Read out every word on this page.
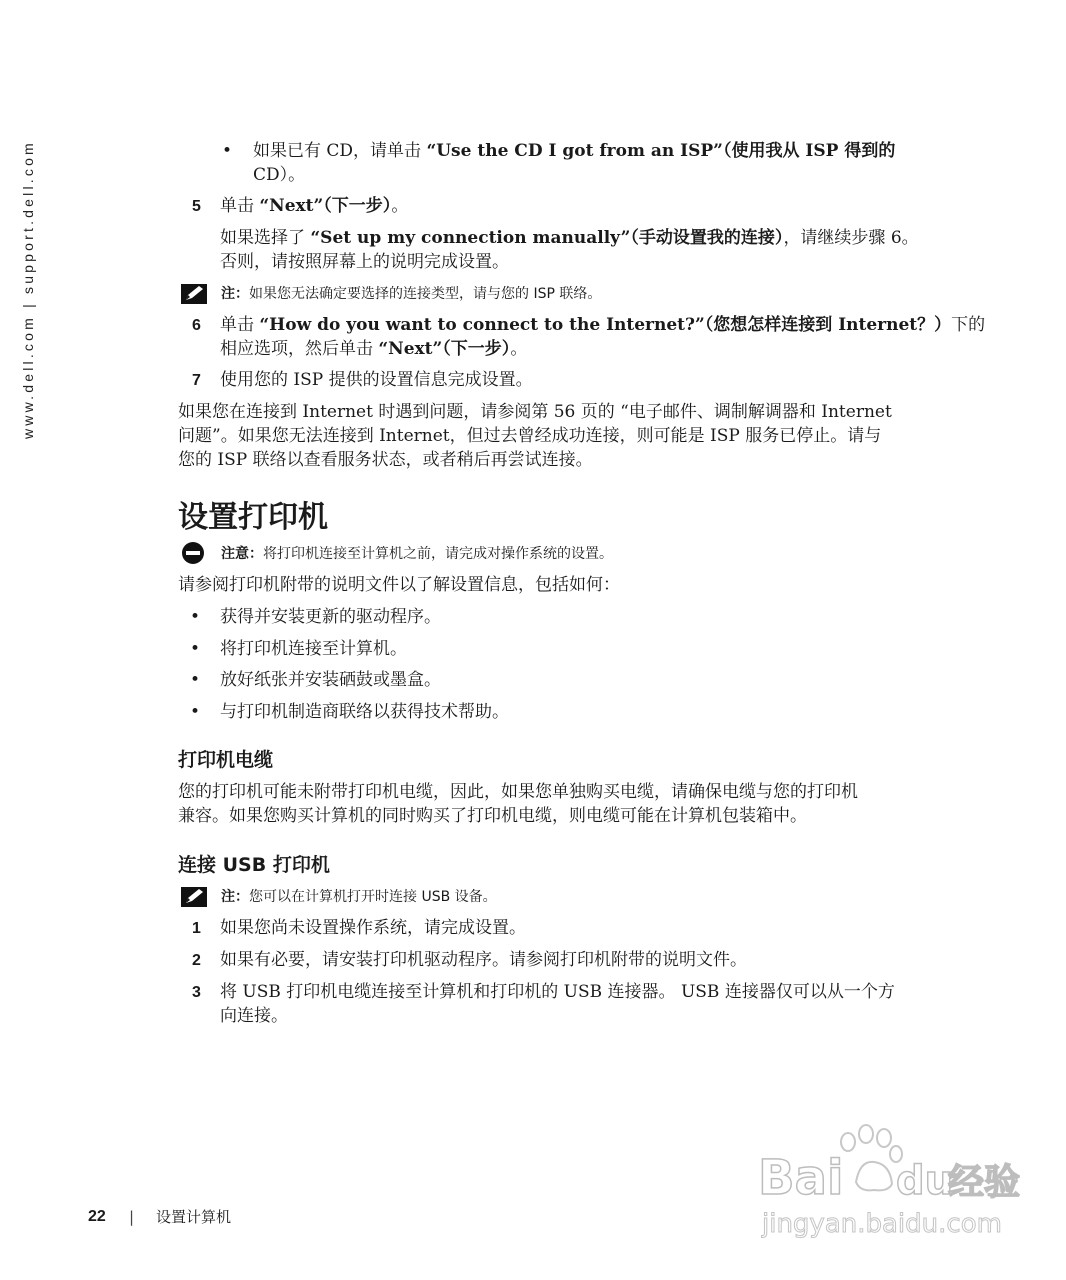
www.dell.com | support.dell.com	• 如果已有 CD，请单击 “Use the CD I got from an ISP”（使用我从 ISP 得到的
CD）。
5 单击 “Next”（下一步）。
如果选择了 “Set up my connection manually”（手动设置我的连接），请继续步骤 6。
否则，请按照屏幕上的说明完成设置。
注：如果您无法确定要选择的连接类型，请与您的 ISP 联络。
6 单击 “How do you want to connect to the Internet?”（您想怎样连接到 Internet？）下的
相应选项，然后单击 “Next”（下一步）。
7 使用您的 ISP 提供的设置信息完成设置。
如果您在连接到 Internet 时遇到问题，请参阅第 56 页的 “电子邮件、调制解调器和 Internet
问题”。如果您无法连接到 Internet，但过去曾经成功连接，则可能是 ISP 服务已停止。请与
您的 ISP 联络以查看服务状态，或者稍后再尝试连接。
设置打印机
注意：将打印机连接至计算机之前，请完成对操作系统的设置。
请参阅打印机附带的说明文件以了解设置信息，包括如何：
• 获得并安装更新的驱动程序。
• 将打印机连接至计算机。
• 放好纸张并安装硒鼓或墨盒。
• 与打印机制造商联络以获得技术帮助。
打印机电缆
您的打印机可能未附带打印机电缆，因此，如果您单独购买电缆，请确保电缆与您的打印机
兼容。如果您购买计算机的同时购买了打印机电缆，则电缆可能在计算机包装箱中。
连接 USB 打印机
注：您可以在计算机打开时连接 USB 设备。
1 如果您尚未设置操作系统，请完成设置。
2 如果有必要，请安装打印机驱动程序。请参阅打印机附带的说明文件。
3 将 USB 打印机电缆连接至计算机和打印机的 USB 连接器。 USB 连接器仅可以从一个方
向连接。
22 | 设置计算机
Bai du
经验
jingyan.baidu.com
